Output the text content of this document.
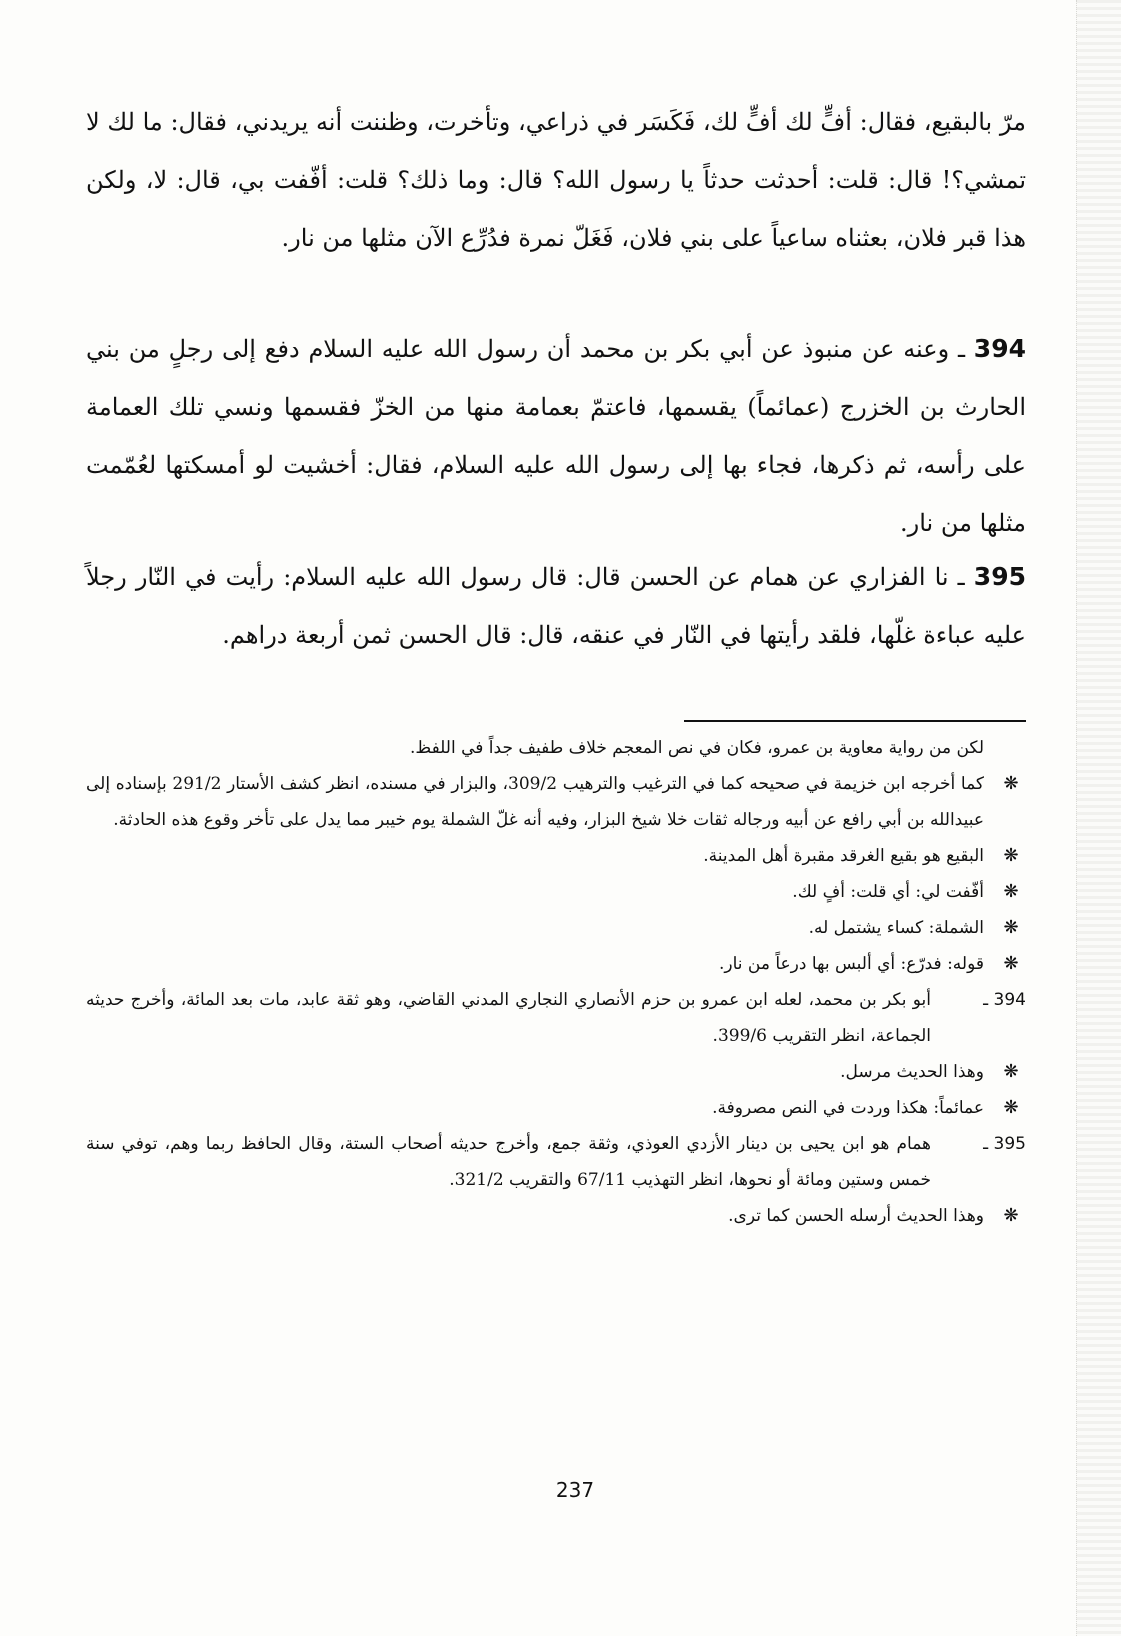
مرّ بالبقيع، فقال: أفٍّ لك أفٍّ لك، فَكَسَر في ذراعي، وتأخرت، وظننت أنه يريدني، فقال: ما لك لا تمشي؟! قال: قلت: أحدثت حدثاً يا رسول الله؟ قال: وما ذلك؟ قلت: أفّفت بي، قال: لا، ولكن هذا قبر فلان، بعثناه ساعياً على بني فلان، فَغَلّ نمرة فدُرِّع الآن مثلها من نار.

394 ـ وعنه عن منبوذ عن أبي بكر بن محمد أن رسول الله عليه السلام دفع إلى رجلٍ من بني الحارث بن الخزرج (عمائماً) يقسمها، فاعتمّ بعمامة منها من الخزّ فقسمها ونسي تلك العمامة على رأسه، ثم ذكرها، فجاء بها إلى رسول الله عليه السلام، فقال: أخشيت لو أمسكتها لعُمّمت مثلها من نار.

395 ـ نا الفزاري عن همام عن الحسن قال: قال رسول الله عليه السلام: رأيت في النّار رجلاً عليه عباءة غلّها، فلقد رأيتها في النّار في عنقه، قال: قال الحسن ثمن أربعة دراهم.

لكن من رواية معاوية بن عمرو، فكان في نص المعجم خلاف طفيف جداً في اللفظ.
❋
كما أخرجه ابن خزيمة في صحيحه كما في الترغيب والترهيب 309/2، والبزار في مسنده، انظر كشف الأستار 291/2 بإسناده إلى عبيدالله بن أبي رافع عن أبيه ورجاله ثقات خلا شيخ البزار، وفيه أنه غلّ الشملة يوم خيبر مما يدل على تأخر وقوع هذه الحادثة.
❋
البقيع هو بقيع الغرقد مقبرة أهل المدينة.
❋
أفّفت لي: أي قلت: أفٍ لك.
❋
الشملة: كساء يشتمل له.
❋
قوله: فدرّع: أي ألبس بها درعاً من نار.
394 ـ
أبو بكر بن محمد، لعله ابن عمرو بن حزم الأنصاري النجاري المدني القاضي، وهو ثقة عابد، مات بعد المائة، وأخرج حديثه الجماعة، انظر التقريب 399/6.
❋
وهذا الحديث مرسل.
❋
عمائماً: هكذا وردت في النص مصروفة.
395 ـ
همام هو ابن يحيى بن دينار الأزدي العوذي، وثقة جمع، وأخرج حديثه أصحاب الستة، وقال الحافظ ربما وهم، توفي سنة خمس وستين ومائة أو نحوها، انظر التهذيب 67/11 والتقريب 321/2.
❋
وهذا الحديث أرسله الحسن كما ترى.
237
